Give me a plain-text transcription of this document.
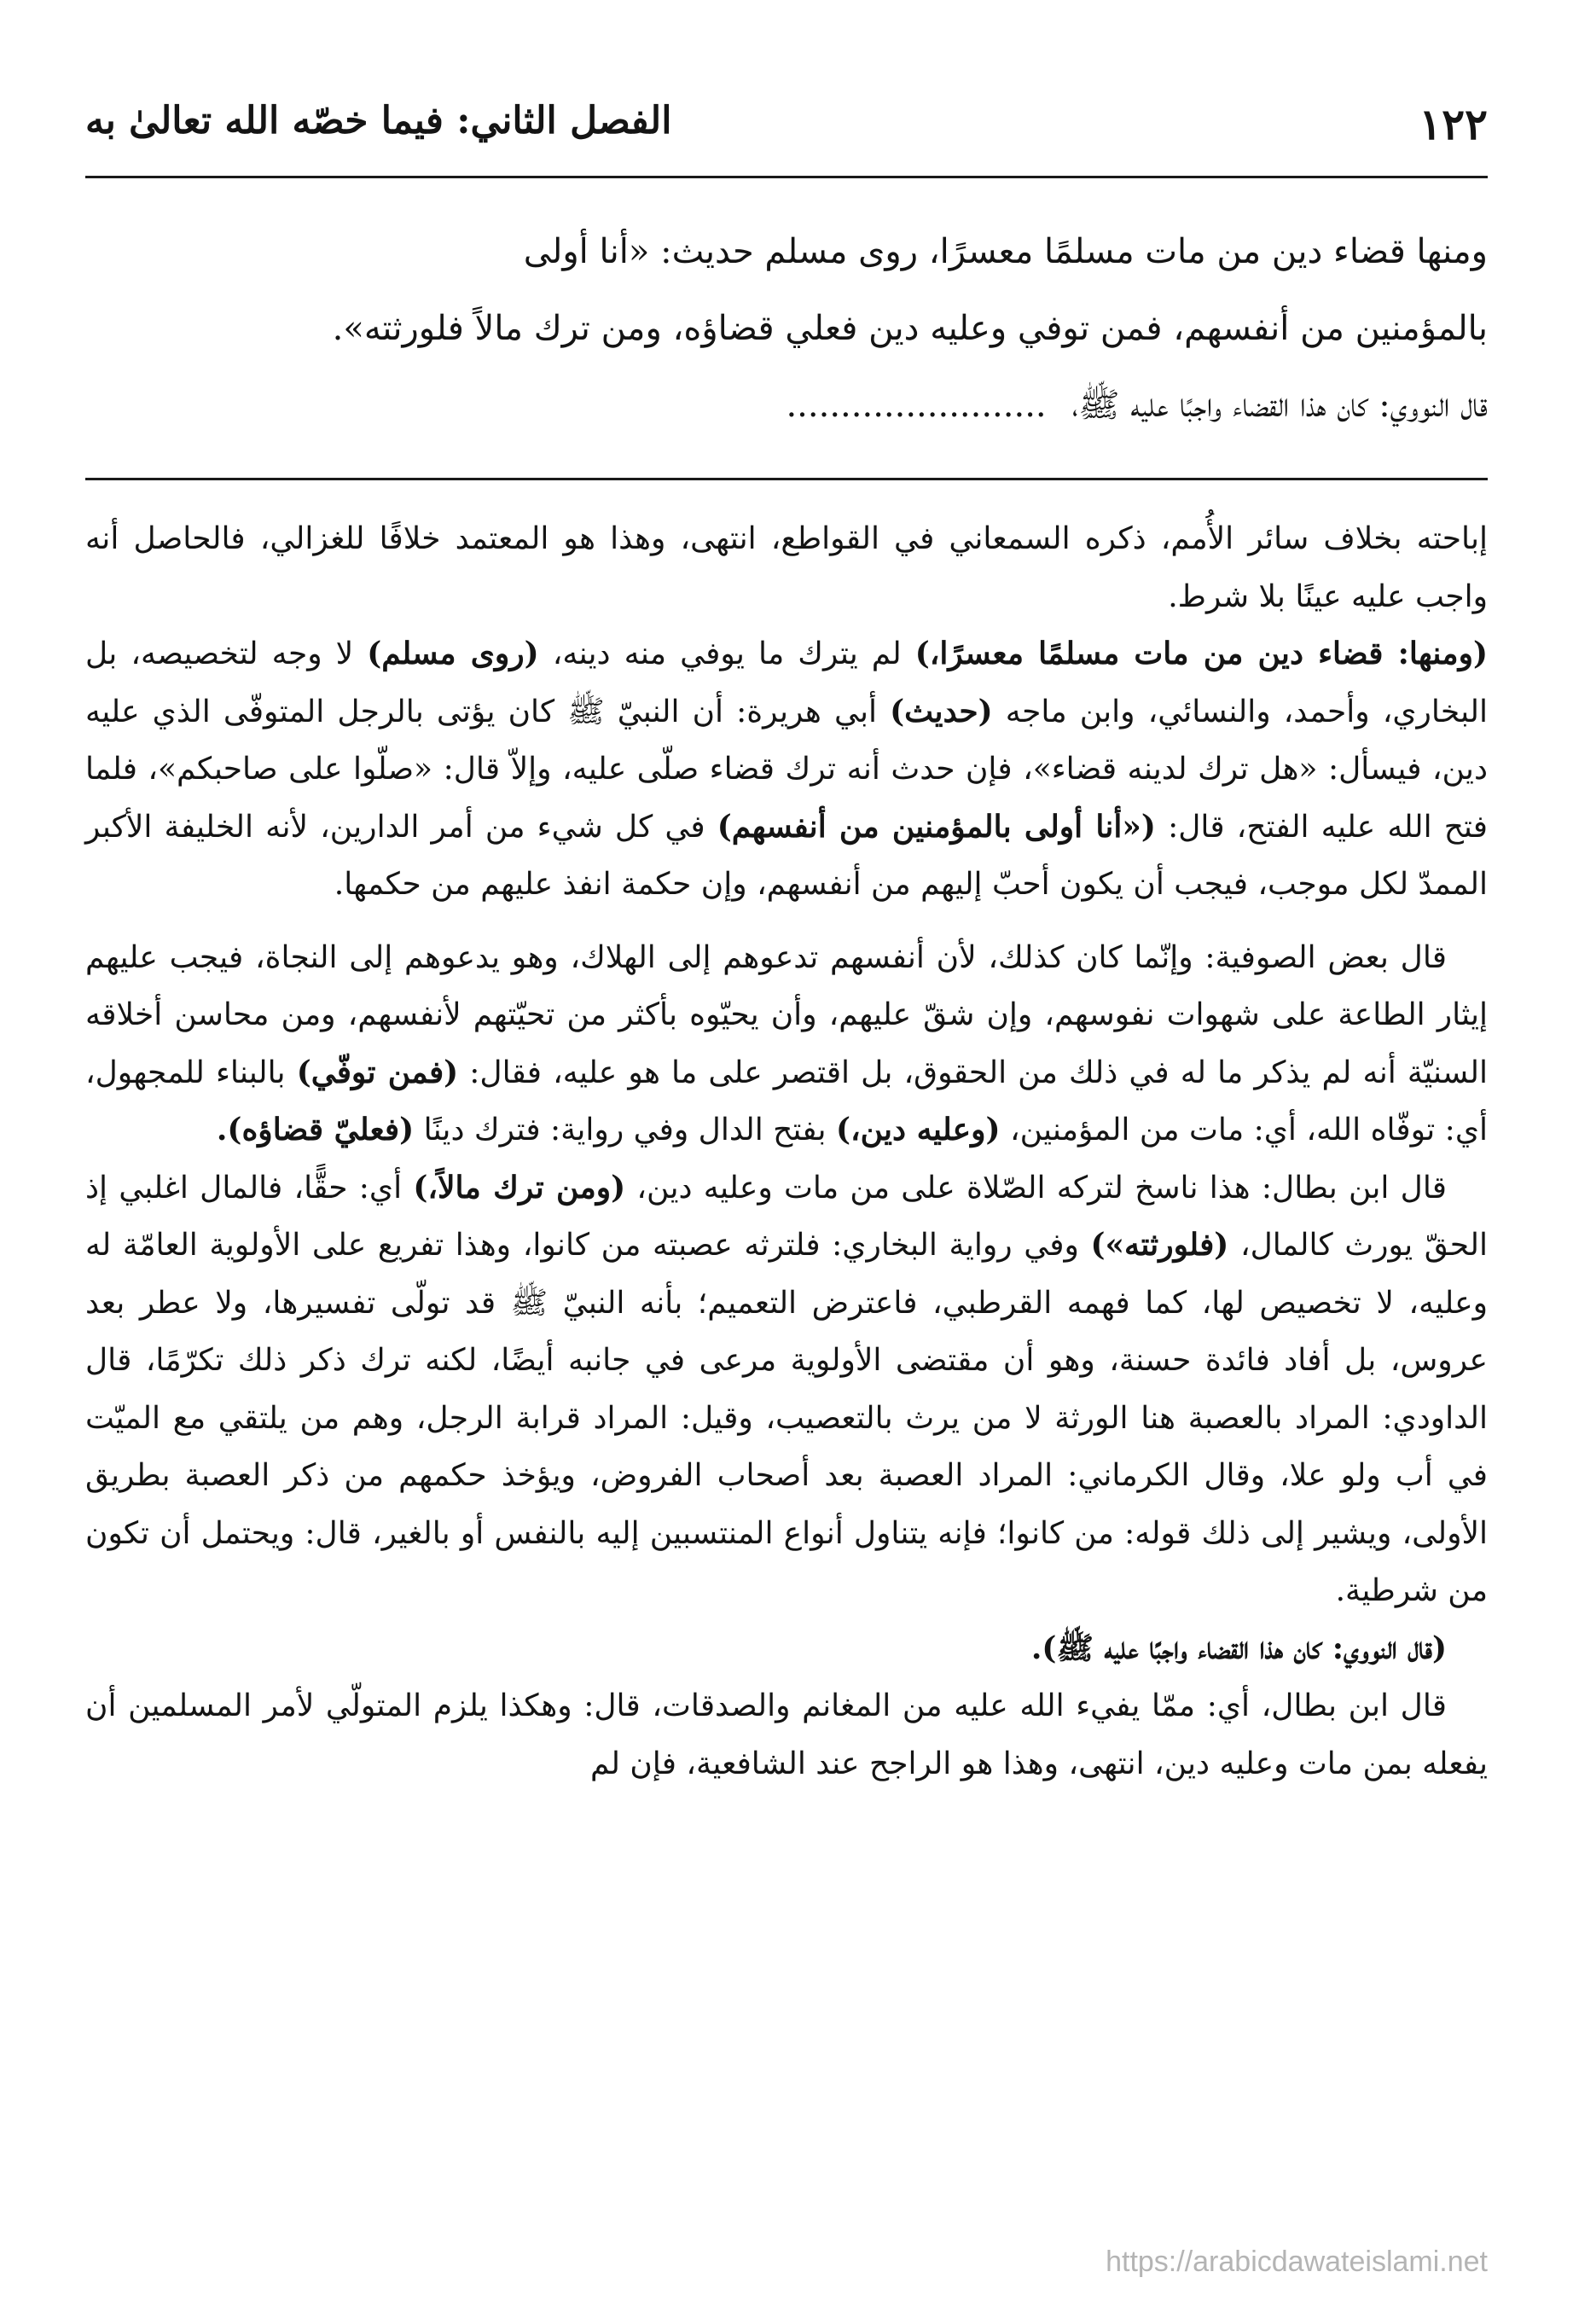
١٢٢
الفصل الثاني: فيما خصّه الله تعالىٰ به

ومنها قضاء دين من مات مسلمًا معسرًا، روى مسلم حديث: «أنا أولى

بالمؤمنين من أنفسهم، فمن توفي وعليه دين فعلي قضاؤه، ومن ترك مالاً فلورثته».

قال النووي: كان هذا القضاء واجبًا عليه ﷺ،........................

إباحته بخلاف سائر الأُمم، ذكره السمعاني في القواطع، انتهى، وهذا هو المعتمد خلافًا للغزالي، فالحاصل أنه واجب عليه عينًا بلا شرط.

(ومنها: قضاء دين من مات مسلمًا معسرًا،) لم يترك ما يوفي منه دينه، (روى مسلم) لا وجه لتخصيصه، بل البخاري، وأحمد، والنسائي، وابن ماجه (حديث) أبي هريرة: أن النبيّ ﷺ كان يؤتى بالرجل المتوفّى الذي عليه دين، فيسأل: «هل ترك لدينه قضاء»، فإن حدث أنه ترك قضاء صلّى عليه، وإلاّ قال: «صلّوا على صاحبكم»، فلما فتح الله عليه الفتح، قال: («أنا أولى بالمؤمنين من أنفسهم) في كل شيء من أمر الدارين، لأنه الخليفة الأكبر الممدّ لكل موجب، فيجب أن يكون أحبّ إليهم من أنفسهم، وإن حكمة انفذ عليهم من حكمها.

قال بعض الصوفية: وإنّما كان كذلك، لأن أنفسهم تدعوهم إلى الهلاك، وهو يدعوهم إلى النجاة، فيجب عليهم إيثار الطاعة على شهوات نفوسهم، وإن شقّ عليهم، وأن يحيّوه بأكثر من تحيّتهم لأنفسهم، ومن محاسن أخلاقه السنيّة أنه لم يذكر ما له في ذلك من الحقوق، بل اقتصر على ما هو عليه، فقال: (فمن توفّي) بالبناء للمجهول، أي: توفّاه الله، أي: مات من المؤمنين، (وعليه دين،) بفتح الدال وفي رواية: فترك دينًا (فعليّ قضاؤه).

قال ابن بطال: هذا ناسخ لتركه الصّلاة على من مات وعليه دين، (ومن ترك مالاً،) أي: حقًّا، فالمال اغلبي إذ الحقّ يورث كالمال، (فلورثته») وفي رواية البخاري: فلترثه عصبته من كانوا، وهذا تفريع على الأولوية العامّة له وعليه، لا تخصيص لها، كما فهمه القرطبي، فاعترض التعميم؛ بأنه النبيّ ﷺ قد تولّى تفسيرها، ولا عطر بعد عروس، بل أفاد فائدة حسنة، وهو أن مقتضى الأولوية مرعى في جانبه أيضًا، لكنه ترك ذكر ذلك تكرّمًا، قال الداودي: المراد بالعصبة هنا الورثة لا من يرث بالتعصيب، وقيل: المراد قرابة الرجل، وهم من يلتقي مع الميّت في أب ولو علا، وقال الكرماني: المراد العصبة بعد أصحاب الفروض، ويؤخذ حكمهم من ذكر العصبة بطريق الأولى، ويشير إلى ذلك قوله: من كانوا؛ فإنه يتناول أنواع المنتسبين إليه بالنفس أو بالغير، قال: ويحتمل أن تكون من شرطية.

(قال النووي: كان هذا القضاء واجبًا عليه ﷺ).

قال ابن بطال، أي: ممّا يفيء الله عليه من المغانم والصدقات، قال: وهكذا يلزم المتولّي لأمر المسلمين أن يفعله بمن مات وعليه دين، انتهى، وهذا هو الراجح عند الشافعية، فإن لم

https://arabicdawateislami.net
